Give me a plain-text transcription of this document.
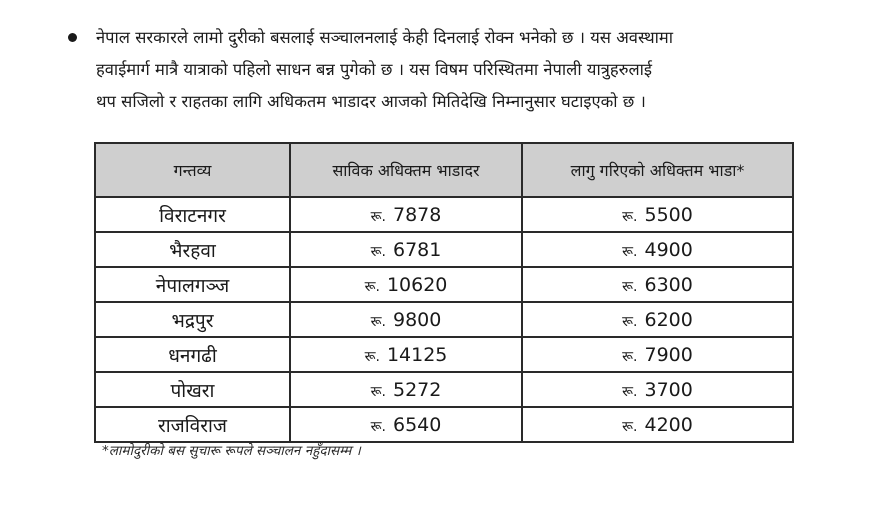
नेपाल सरकारले लामो दुरीको बसलाई सञ्चालनलाई केही दिनलाई रोक्न भनेको छ । यस अवस्थामा
हवाईमार्ग मात्रै यात्राको पहिलो साधन बन्न पुगेको छ । यस विषम परिस्थितमा नेपाली यात्रुहरुलाई
थप सजिलो र राहतका लागि अधिकतम भाडादर आजको मितिदेखि निम्नानुसार घटाइएको छ ।
गन्तव्य	साविक अधिक्तम भाडादर	लागु गरिएको अधिक्तम भाडा*
विराटनगर	रू. 7878	रू. 5500
भैरहवा	रू. 6781	रू. 4900
नेपालगञ्ज	रू. 10620	रू. 6300
भद्रपुर	रू. 9800	रू. 6200
धनगढी	रू. 14125	रू. 7900
पोखरा	रू. 5272	रू. 3700
राजविराज	रू. 6540	रू. 4200
*लामोदुरीको बस सुचारू रूपले सञ्चालन नहुँदासम्म ।
